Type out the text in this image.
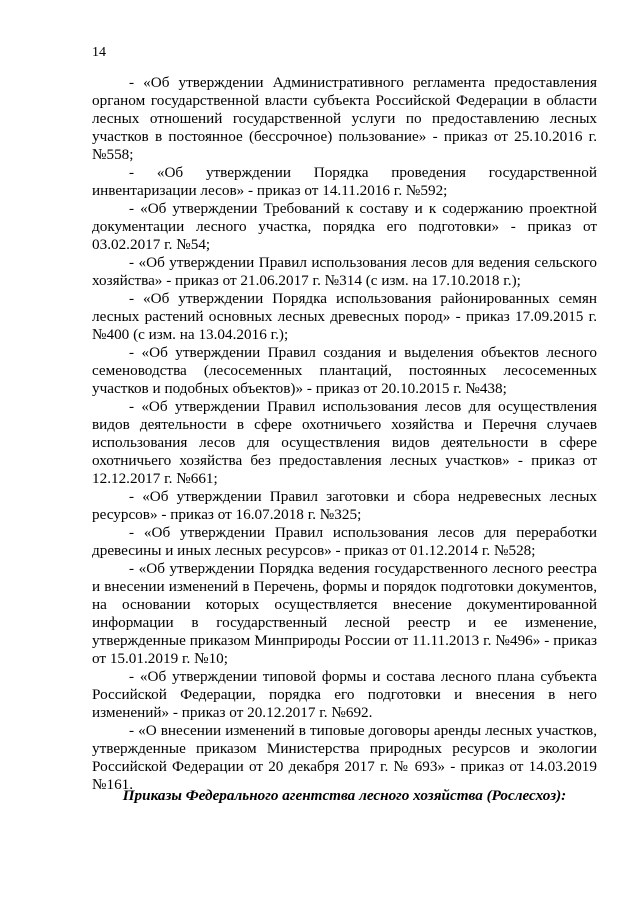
14

- «Об утверждении Административного регламента предоставления органом государственной власти субъекта Российской Федерации в области лесных отношений государственной услуги по предоставлению лесных участков в постоянное (бессрочное) пользование» - приказ от 25.10.2016 г. №558;

- «Об утверждении Порядка проведения государственной инвентаризации лесов» - приказ от 14.11.2016 г. №592;

- «Об утверждении Требований к составу и к содержанию проектной документации лесного участка, порядка его подготовки» - приказ от 03.02.2017 г. №54;

- «Об утверждении Правил использования лесов для ведения сельского хозяйства» - приказ от 21.06.2017 г. №314 (с изм. на 17.10.2018 г.);

- «Об утверждении Порядка использования районированных семян лесных растений основных лесных древесных пород» - приказ 17.09.2015 г. №400 (с изм. на 13.04.2016 г.);

- «Об утверждении Правил создания и выделения объектов лесного семеноводства (лесосеменных плантаций, постоянных лесосеменных участков и подобных объектов)» - приказ от 20.10.2015 г. №438;

- «Об утверждении Правил использования лесов для осуществления видов деятельности в сфере охотничьего хозяйства и Перечня случаев использования лесов для осуществления видов деятельности в сфере охотничьего хозяйства без предоставления лесных участков» - приказ от 12.12.2017 г. №661;

- «Об утверждении Правил заготовки и сбора недревесных лесных ресурсов» - приказ от 16.07.2018 г. №325;

- «Об утверждении Правил использования лесов для переработки древесины и иных лесных ресурсов» - приказ от 01.12.2014 г. №528;

- «Об утверждении Порядка ведения государственного лесного реестра и внесении изменений в Перечень, формы и порядок подготовки документов, на основании которых осуществляется внесение документированной информации в государственный лесной реестр и ее изменение, утвержденные приказом Минприроды России от 11.11.2013 г. №496» - приказ от 15.01.2019 г. №10;

- «Об утверждении типовой формы и состава лесного плана субъекта Российской Федерации, порядка его подготовки и внесения в него изменений» - приказ от 20.12.2017 г. №692.

- «О внесении изменений в типовые договоры аренды лесных участков, утвержденные приказом Министерства природных ресурсов и экологии Российской Федерации от 20 декабря 2017 г. № 693» - приказ от 14.03.2019 №161.

Приказы Федерального агентства лесного хозяйства (Рослесхоз):
